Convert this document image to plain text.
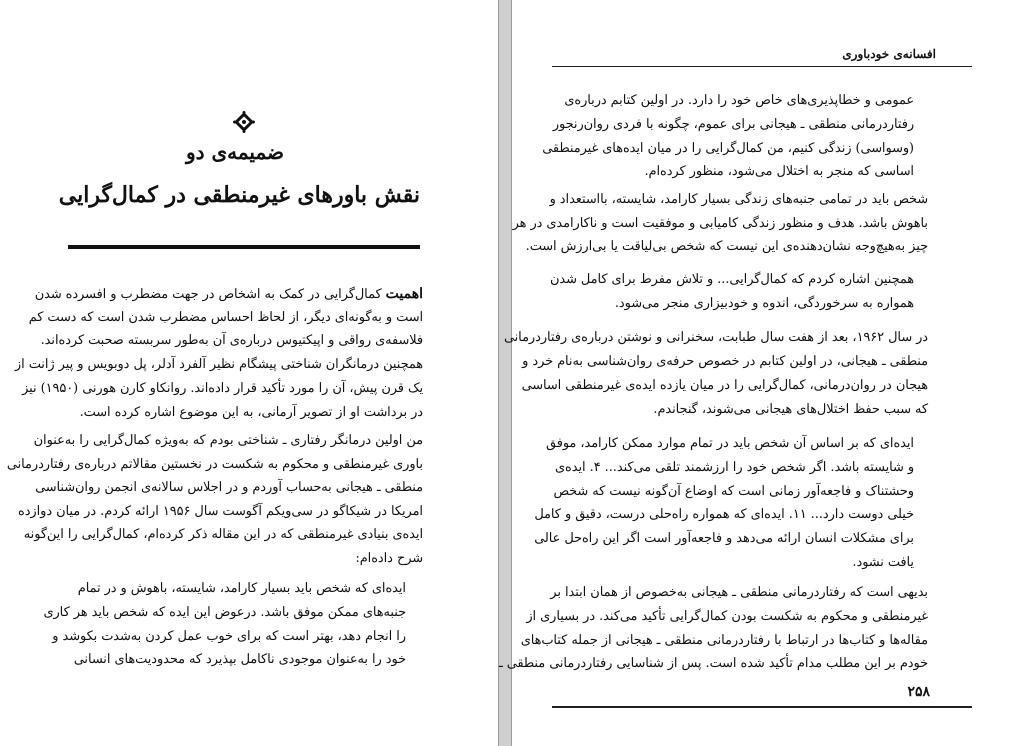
ضمیمه‌ی دو
نقش باورهای غیرمنطقی در کمال‌گرایی
اهمیت کمال‌گرایی در کمک به اشخاص در جهت مضطرب و افسرده شدن
است و به‌گونه‌ای دیگر، از لحاظ احساس مضطرب شدن است که دست کم
فلاسفه‌ی رواقی و اپیکتیوس درباره‌ی آن به‌طور سربسته صحبت کرده‌اند.
همچنین درمانگران شناختی پیشگام نظیر آلفرد آدلر، پل دوبویس و پیر ژانت از
یک قرن پیش، آن را مورد تأکید قرار داده‌اند. روانکاو کارن هورنی (۱۹۵۰) نیز
در برداشت او از تصویر آرمانی، به این موضوع اشاره کرده است.
من اولین درمانگر رفتاری ـ شناختی بودم که به‌ویژه کمال‌گرایی را به‌عنوان
باوری غیرمنطقی و محکوم به شکست در نخستین مقالاتم درباره‌ی رفتاردرمانی
منطقی ـ هیجانی به‌حساب آوردم و در اجلاس سالانه‌ی انجمن روان‌شناسی
امریکا در شیکاگو در سی‌ویکم آگوست سال ۱۹۵۶ ارائه کردم. در میان دوازده
ایده‌ی بنیادی غیرمنطقی که در این مقاله ذکر کرده‌ام، کمال‌گرایی را این‌گونه
شرح داده‌ام:
ایده‌ای که شخص باید بسیار کارامد، شایسته، باهوش و در تمام
جنبه‌های ممکن موفق باشد. درعوض این ایده که شخص باید هر کاری
را انجام دهد، بهتر است که برای خوب عمل کردن به‌شدت بکوشد و
خود را به‌عنوان موجودی ناکامل بپذیرد که محدودیت‌های انسانی
افسانه‌ی خودباوری
عمومی و خطاپذیری‌های خاص خود را دارد. در اولین کتابم درباره‌ی
رفتاردرمانی منطقی ـ هیجانی برای عموم، چگونه با فردی روان‌رنجور
(وسواسی) زندگی کنیم، من کمال‌گرایی را در میان ایده‌های غیرمنطقی
اساسی که منجر به اختلال می‌شود، منظور کرده‌ام.
شخص باید در تمامی جنبه‌های زندگی بسیار کارامد، شایسته، بااستعداد و
باهوش باشد. هدف و منظور زندگی کامیابی و موفقیت است و ناکارامدی در هر
چیز به‌هیچ‌وجه نشان‌دهنده‌ی این نیست که شخص بی‌لیاقت یا بی‌ارزش است.
همچنین اشاره کردم که کمال‌گرایی... و تلاش مفرط برای کامل شدن
همواره به سرخوردگی، اندوه و خودبیزاری منجر می‌شود.
در سال ۱۹۶۲، بعد از هفت سال طبابت، سخنرانی و نوشتن درباره‌ی رفتاردرمانی
منطقی ـ هیجانی، در اولین کتابم در خصوص حرفه‌ی روان‌شناسی به‌نام خرد و
هیجان در روان‌درمانی، کمال‌گرایی را در میان یازده ایده‌ی غیرمنطقی اساسی
که سبب حفظ اختلال‌های هیجانی می‌شوند، گنجاندم.
ایده‌ای که بر اساس آن شخص باید در تمام موارد ممکن کارامد، موفق
و شایسته باشد. اگر شخص خود را ارزشمند تلقی می‌کند... ۴. ایده‌ی
وحشتناک و فاجعه‌آور زمانی است که اوضاع آن‌گونه نیست که شخص
خیلی دوست دارد... ۱۱. ایده‌ای که همواره راه‌حلی درست، دقیق و کامل
برای مشکلات انسان ارائه می‌دهد و فاجعه‌آور است اگر این راه‌حل عالی
یافت نشود.
بدیهی است که رفتاردرمانی منطقی ـ هیجانی به‌خصوص از همان ابتدا بر
غیرمنطقی و محکوم به شکست بودن کمال‌گرایی تأکید می‌کند. در بسیاری از
مقاله‌ها و کتاب‌ها در ارتباط با رفتاردرمانی منطقی ـ هیجانی از جمله کتاب‌های
خودم بر این مطلب مدام تأکید شده است. پس از شناسایی رفتاردرمانی منطقی ـ
۲۵۸
